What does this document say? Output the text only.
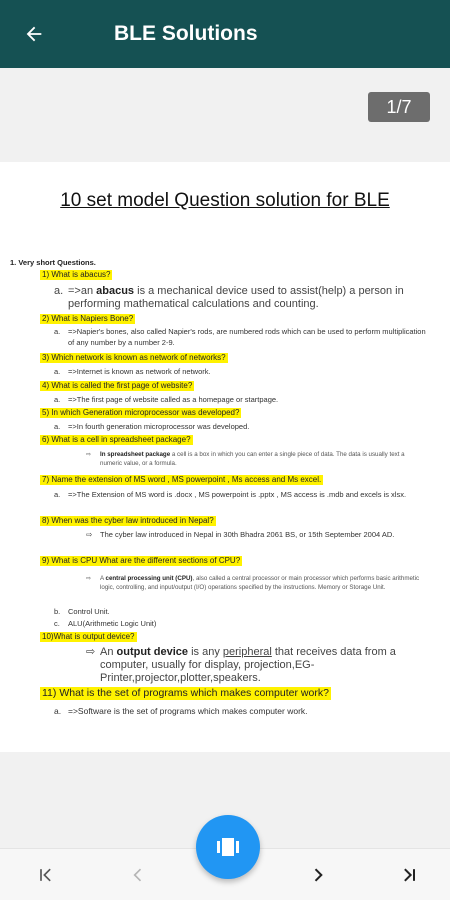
BLE Solutions
1/7
10 set model Question solution for BLE
1. Very short Questions.
1) What is abacus?
a. =>an abacus is a mechanical device used to assist(help) a person in performing mathematical calculations and counting.
2) What is Napiers Bone?
a. =>Napier's bones, also called Napier's rods, are numbered rods which can be used to perform multiplication of any number by a number 2-9.
3) Which network is known as network of networks?
a. =>Internet is known as network of network.
4) What is called the first page of website?
a. =>The first page of website called as a homepage or startpage.
5) In which Generation microprocessor was developed?
a. =>In fourth generation microprocessor was developed.
6) What is a cell in spreadsheet package?
⇨ In spreadsheet package a cell is a box in which you can enter a single piece of data. The data is usually text a numeric value, or a formula.
7) Name the extension of MS word , MS powerpoint , Ms access and Ms excel.
a. =>The Extension of MS word is .docx , MS powerpoint is .pptx , MS access is .mdb and excels is xlsx.
8) When was the cyber law introduced in Nepal?
⇨ The cyber law introduced in Nepal in 30th Bhadra 2061 BS, or 15th September 2004 AD.
9) What is CPU What are the different sections of CPU?
⇨ A central processing unit (CPU), also called a central processor or main processor which performs basic arithmetic logic, controlling, and input/output (I/O) operations specified by the instructions. Memory or Storage Unit.
b. Control Unit.
c. ALU(Arithmetic Logic Unit)
10)What is output device?
⇨ An output device is any peripheral that receives data from a computer, usually for display, projection,EG-Printer,projector,plotter,speakers.
11) What is the set of programs which makes computer work?
a. =>Software is the set of programs which makes computer work.
